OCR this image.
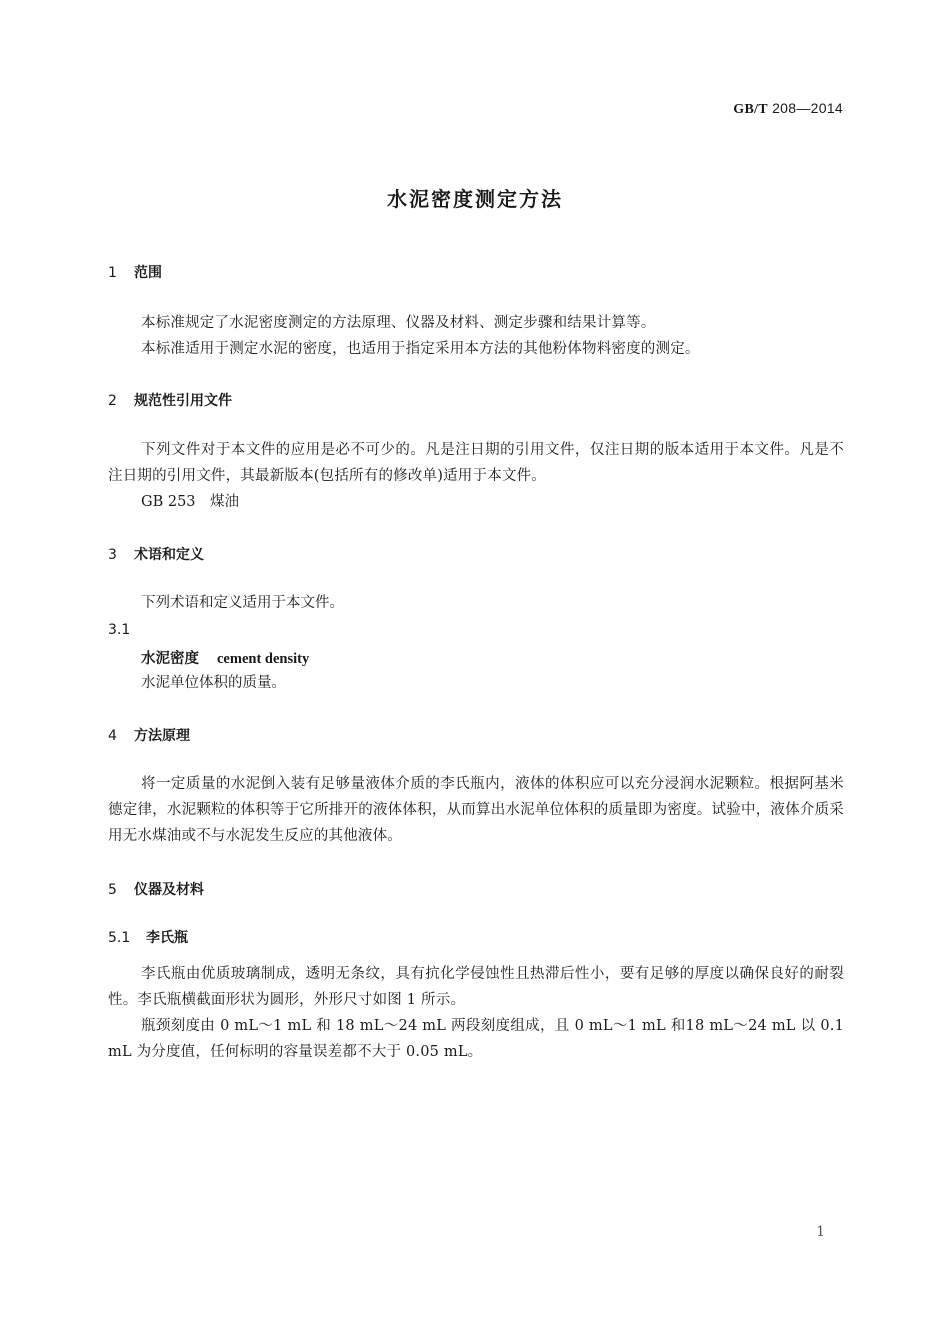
GB/T 208—2014
水泥密度测定方法
1 范围
本标准规定了水泥密度测定的方法原理、仪器及材料、测定步骤和结果计算等。
本标准适用于测定水泥的密度，也适用于指定采用本方法的其他粉体物料密度的测定。
2 规范性引用文件
下列文件对于本文件的应用是必不可少的。凡是注日期的引用文件，仅注日期的版本适用于本文件。凡是不注日期的引用文件，其最新版本(包括所有的修改单)适用于本文件。
GB 253　煤油
3 术语和定义
下列术语和定义适用于本文件。
3.1
水泥密度 cement density
水泥单位体积的质量。
4 方法原理
将一定质量的水泥倒入装有足够量液体介质的李氏瓶内，液体的体积应可以充分浸润水泥颗粒。根据阿基米德定律，水泥颗粒的体积等于它所排开的液体体积，从而算出水泥单位体积的质量即为密度。试验中，液体介质采用无水煤油或不与水泥发生反应的其他液体。
5 仪器及材料
5.1 李氏瓶
李氏瓶由优质玻璃制成，透明无条纹，具有抗化学侵蚀性且热滞后性小，要有足够的厚度以确保良好的耐裂性。李氏瓶横截面形状为圆形，外形尺寸如图 1 所示。
瓶颈刻度由 0 mL～1 mL 和 18 mL～24 mL 两段刻度组成，且 0 mL～1 mL 和18 mL～24 mL 以 0.1 mL 为分度值，任何标明的容量误差都不大于 0.05 mL。
1
